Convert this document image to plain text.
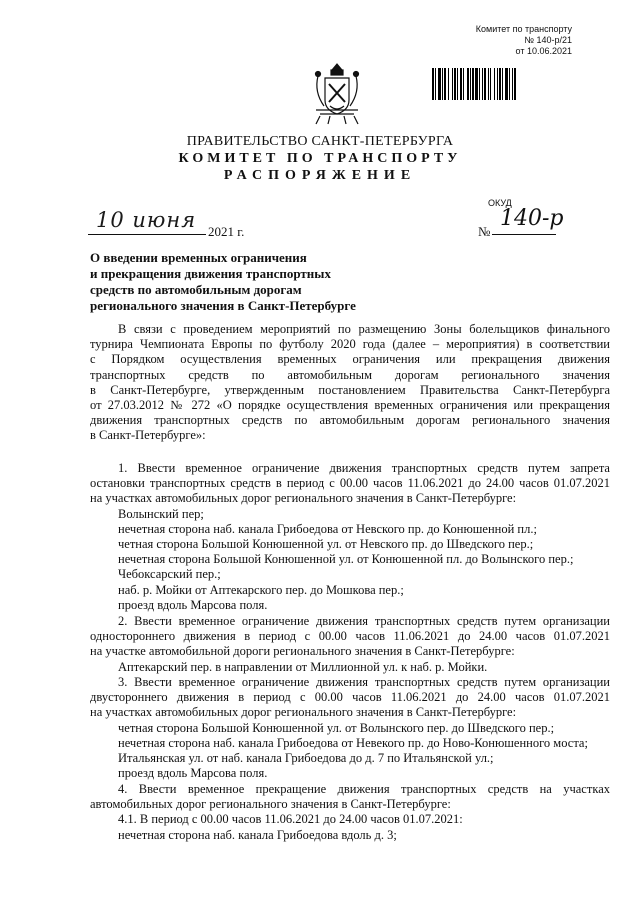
Комитет по транспорту
№ 140-р/21
от 10.06.2021
ПРАВИТЕЛЬСТВО САНКТ-ПЕТЕРБУРГА
КОМИТЕТ ПО ТРАНСПОРТУ
РАСПОРЯЖЕНИЕ
ОКУД
10 июня 2021 г.	№
140-р
О введении временных ограничения
и прекращения движения транспортных
средств по автомобильным дорогам
регионального значения в Санкт-Петербурге

В связи с проведением мероприятий по размещению Зоны болельщиков финального

турнира Чемпионата Европы по футболу 2020 года (далее – мероприятия) в соответствии

с Порядком осуществления временных ограничения или прекращения движения

транспортных средств по автомобильным дорогам регионального значения

в Санкт-Петербурге, утвержденным постановлением Правительства Санкт-Петербурга

от 27.03.2012 № 272 «О порядке осуществления временных ограничения или прекращения

движения транспортных средств по автомобильным дорогам регионального значения

в Санкт-Петербурге»:

1. Ввести временное ограничение движения транспортных средств путем запрета

остановки транспортных средств в период с 00.00 часов 11.06.2021 до 24.00 часов 01.07.2021

на участках автомобильных дорог регионального значения в Санкт-Петербурге:

Волынский пер;

нечетная сторона наб. канала Грибоедова от Невского пр. до Конюшенной пл.;

четная сторона Большой Конюшенной ул. от Невского пр. до Шведского пер.;

нечетная сторона Большой Конюшенной ул. от Конюшенной пл. до Волынского пер.;

Чебоксарский пер.;

наб. р. Мойки от Аптекарского пер. до Мошкова пер.;

проезд вдоль Марсова поля.

2. Ввести временное ограничение движения транспортных средств путем организации

одностороннего движения в период с 00.00 часов 11.06.2021 до 24.00 часов 01.07.2021

на участке автомобильной дороги регионального значения в Санкт-Петербурге:

Аптекарский пер. в направлении от Миллионной ул. к наб. р. Мойки.

3. Ввести временное ограничение движения транспортных средств путем организации

двустороннего движения в период с 00.00 часов 11.06.2021 до 24.00 часов 01.07.2021

на участках автомобильных дорог регионального значения в Санкт-Петербурге:

четная сторона Большой Конюшенной ул. от Волынского пер. до Шведского пер.;

нечетная сторона наб. канала Грибоедова от Невекого пр. до Ново-Конюшенного моста;

Итальянская ул. от наб. канала Грибоедова до д. 7 по Итальянской ул.;

проезд вдоль Марсова поля.

4. Ввести временное прекращение движения транспортных средств на участках

автомобильных дорог регионального значения в Санкт-Петербурге:

4.1. В период с 00.00 часов 11.06.2021 до 24.00 часов 01.07.2021:

нечетная сторона наб. канала Грибоедова вдоль д. 3;
